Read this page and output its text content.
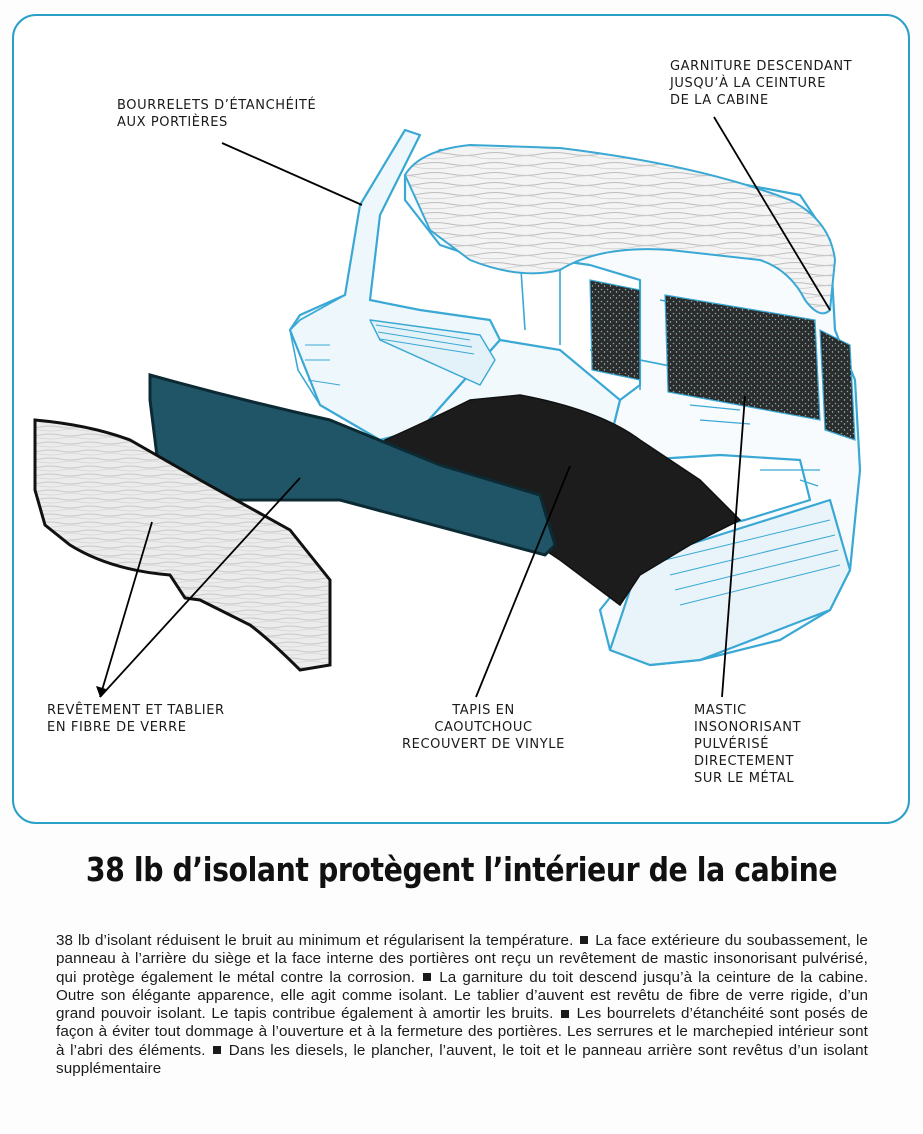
BOURRELETS D’ÉTANCHÉITÉ
AUX PORTIÈRES
GARNITURE DESCENDANT
JUSQU’À LA CEINTURE
DE LA CABINE
REVÊTEMENT ET TABLIER
EN FIBRE DE VERRE
TAPIS EN
CAOUTCHOUC
RECOUVERT DE VINYLE
MASTIC
INSONORISANT
PULVÉRISÉ
DIRECTEMENT
SUR LE MÉTAL
38 lb d’isolant protègent l’intérieur de la cabine
38 lb d’isolant réduisent le bruit au minimum et régularisent la température. La face extérieure du soubassement, le panneau à l’arrière du siège et la face interne des portières ont reçu un revêtement de mastic insonorisant pulvérisé, qui protège également le métal contre la corrosion. La garniture du toit descend jusqu’à la ceinture de la cabine. Outre son élégante apparence, elle agit comme isolant. Le tablier d’auvent est revêtu de fibre de verre rigide, d’un grand pouvoir isolant. Le tapis contribue également à amortir les bruits. Les bourrelets d’étanchéité sont posés de façon à éviter tout dommage à l’ouverture et à la fermeture des portières. Les serrures et le marchepied intérieur sont à l’abri des éléments. Dans les diesels, le plancher, l’auvent, le toit et le panneau arrière sont revêtus d’un isolant supplémentaire
